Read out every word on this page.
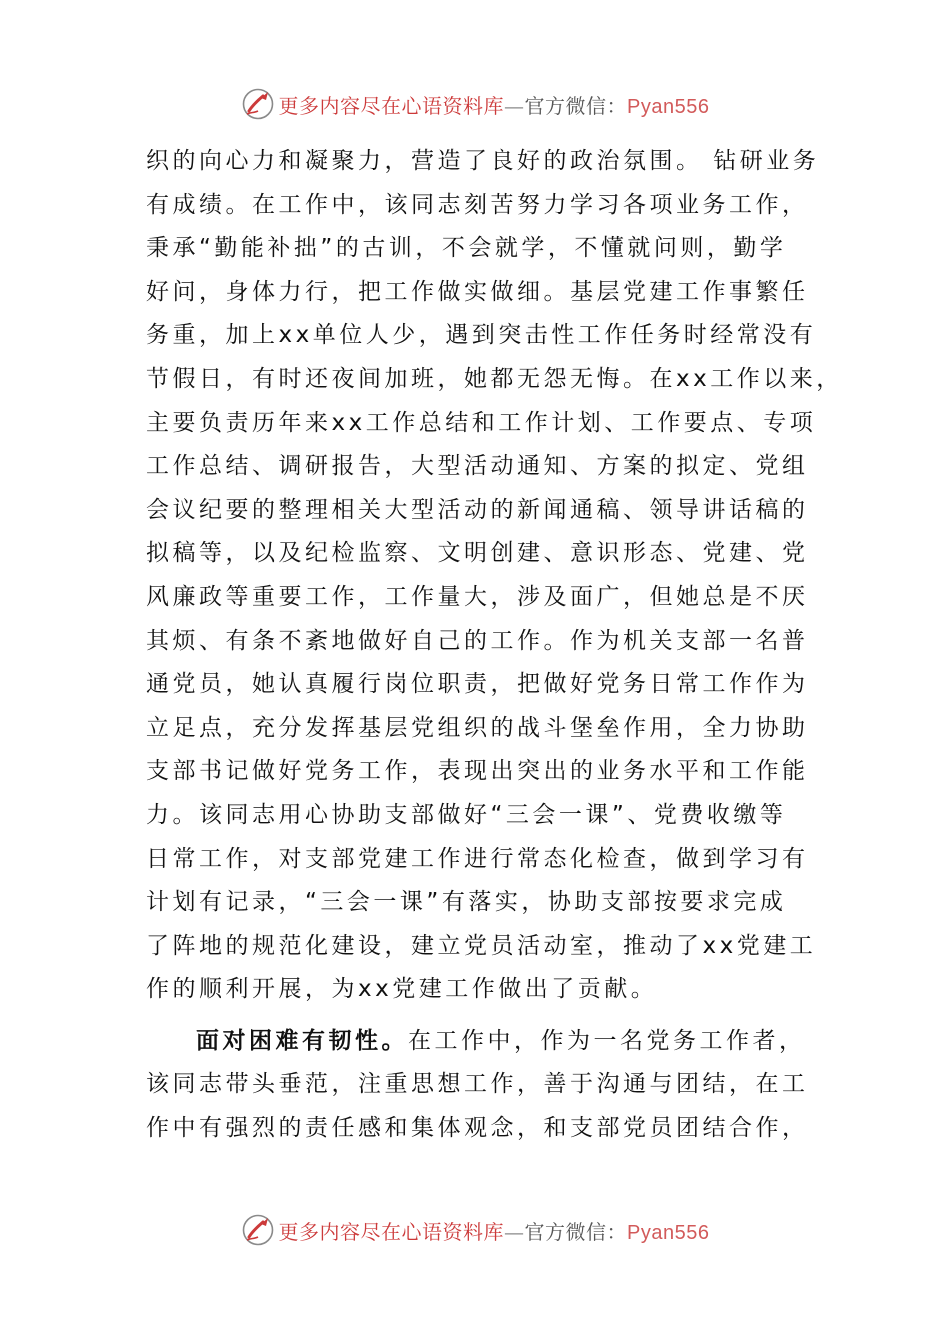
更多内容尽在心语资料库—官方微信：Pyan556
织的向心力和凝聚力，营造了良好的政治氛围。 钻研业务
有成绩。在工作中，该同志刻苦努力学习各项业务工作，
秉承“勤能补拙”的古训，不会就学，不懂就问则，勤学
好问，身体力行，把工作做实做细。基层党建工作事繁任
务重，加上xx单位人少，遇到突击性工作任务时经常没有
节假日，有时还夜间加班，她都无怨无悔。在xx工作以来，
主要负责历年来xx工作总结和工作计划、工作要点、专项
工作总结、调研报告，大型活动通知、方案的拟定、党组
会议纪要的整理相关大型活动的新闻通稿、领导讲话稿的
拟稿等，以及纪检监察、文明创建、意识形态、党建、党
风廉政等重要工作，工作量大，涉及面广，但她总是不厌
其烦、有条不紊地做好自己的工作。作为机关支部一名普
通党员，她认真履行岗位职责，把做好党务日常工作作为
立足点，充分发挥基层党组织的战斗堡垒作用，全力协助
支部书记做好党务工作，表现出突出的业务水平和工作能
力。该同志用心协助支部做好“三会一课”、党费收缴等
日常工作，对支部党建工作进行常态化检查，做到学习有
计划有记录，“三会一课”有落实，协助支部按要求完成
了阵地的规范化建设，建立党员活动室，推动了xx党建工
作的顺利开展，为xx党建工作做出了贡献。
面对困难有韧性。在工作中，作为一名党务工作者，
该同志带头垂范，注重思想工作，善于沟通与团结，在工
作中有强烈的责任感和集体观念，和支部党员团结合作，
更多内容尽在心语资料库—官方微信：Pyan556
